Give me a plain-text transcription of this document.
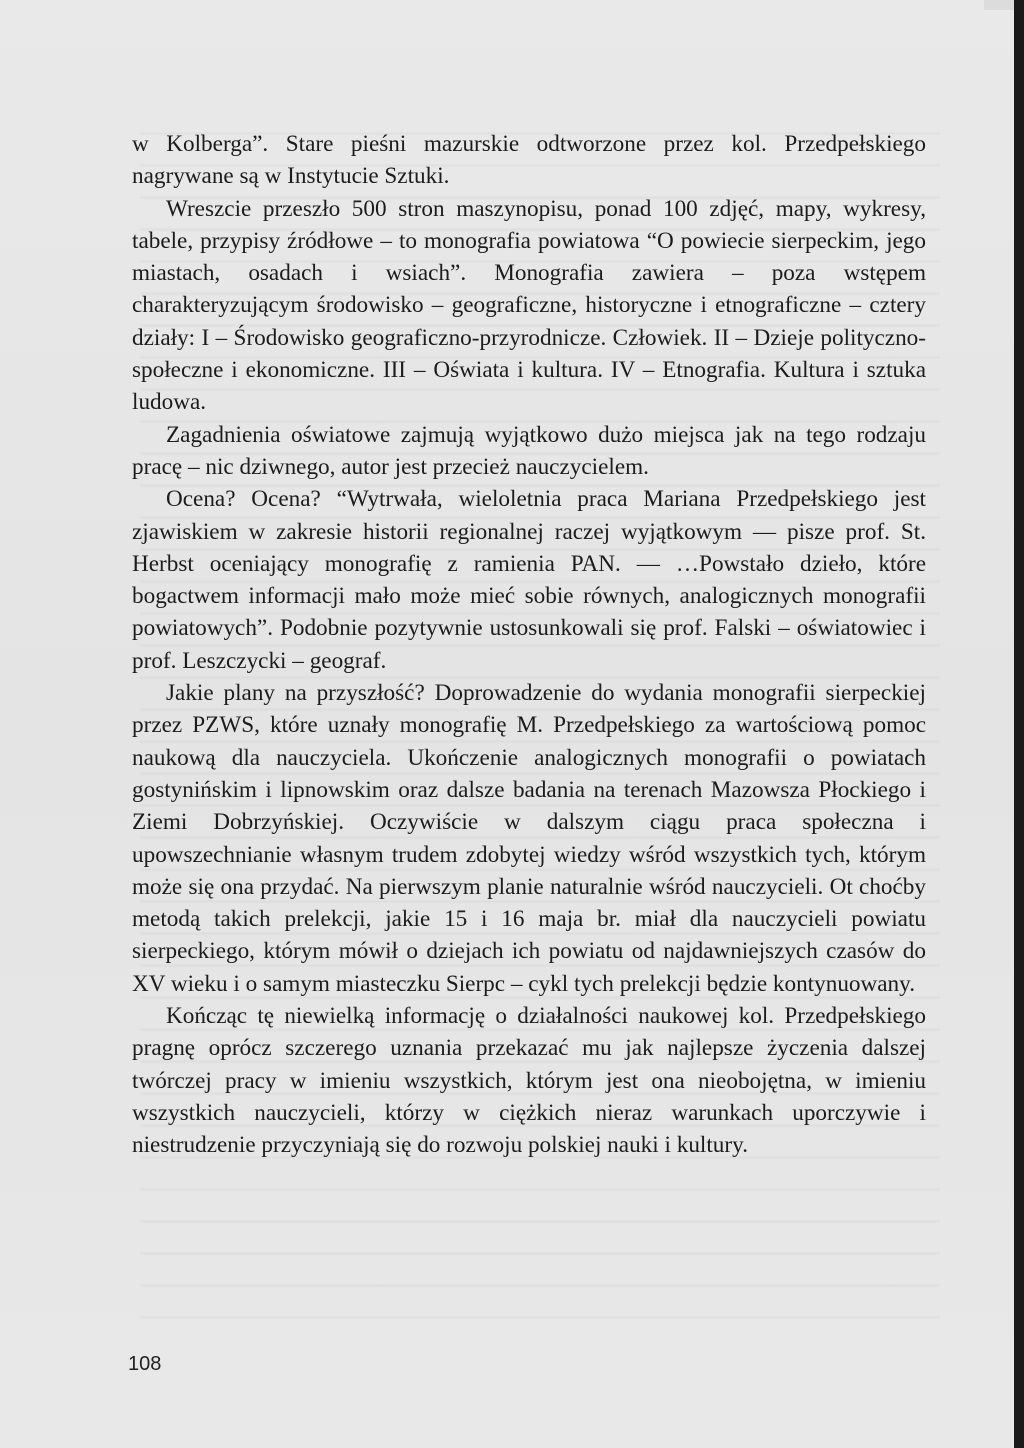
w Kolberga”. Stare pieśni mazurskie odtworzone przez kol. Przedpełskiego nagrywane są w Instytucie Sztuki.

Wreszcie przeszło 500 stron maszynopisu, ponad 100 zdjęć, mapy, wykresy, tabele, przypisy źródłowe – to monografia powiatowa “O powiecie sierpeckim, jego miastach, osadach i wsiach”. Monografia zawiera – poza wstępem charakteryzującym środowisko – geograficzne, historyczne i etnograficzne – cztery działy: I – Środowisko geograficzno-przyrodnicze. Człowiek. II – Dzieje polityczno-społeczne i ekonomiczne. III – Oświata i kultura. IV – Etnografia. Kultura i sztuka ludowa.

Zagadnienia oświatowe zajmują wyjątkowo dużo miejsca jak na tego rodzaju pracę – nic dziwnego, autor jest przecież nauczycielem.

Ocena? Ocena? “Wytrwała, wieloletnia praca Mariana Przedpełskiego jest zjawiskiem w zakresie historii regionalnej raczej wyjątkowym — pisze prof. St. Herbst oceniający monografię z ramienia PAN. — …Powstało dzieło, które bogactwem informacji mało może mieć sobie równych, analogicznych monografii powiatowych”. Podobnie pozytywnie ustosunkowali się prof. Falski – oświatowiec i prof. Leszczycki – geograf.

Jakie plany na przyszłość? Doprowadzenie do wydania monografii sierpeckiej przez PZWS, które uznały monografię M. Przedpełskiego za wartościową pomoc naukową dla nauczyciela. Ukończenie analogicznych monografii o powiatach gostynińskim i lipnowskim oraz dalsze badania na terenach Mazowsza Płockiego i Ziemi Dobrzyńskiej. Oczywiście w dalszym ciągu praca społeczna i upowszechnianie własnym trudem zdobytej wiedzy wśród wszystkich tych, którym może się ona przydać. Na pierwszym planie naturalnie wśród nauczycieli. Ot choćby metodą takich prelekcji, jakie 15 i 16 maja br. miał dla nauczycieli powiatu sierpeckiego, którym mówił o dziejach ich powiatu od najdawniejszych czasów do XV wieku i o samym miasteczku Sierpc – cykl tych prelekcji będzie kontynuowany.

Kończąc tę niewielką informację o działalności naukowej kol. Przedpełskiego pragnę oprócz szczerego uznania przekazać mu jak najlepsze życzenia dalszej twórczej pracy w imieniu wszystkich, którym jest ona nieobojętna, w imieniu wszystkich nauczycieli, którzy w ciężkich nieraz warunkach uporczywie i niestrudzenie przyczyniają się do rozwoju polskiej nauki i kultury.

108
